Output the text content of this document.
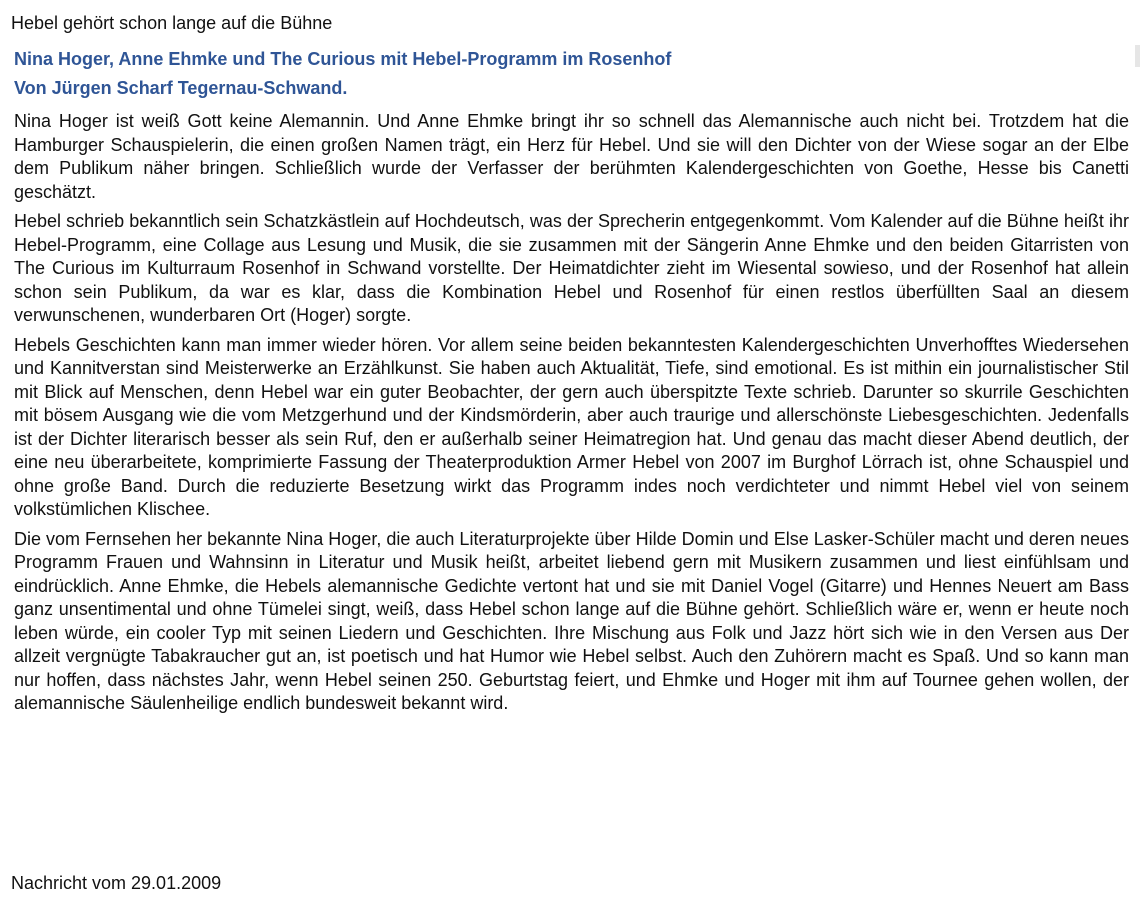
Hebel gehört schon lange auf die Bühne
Nina Hoger, Anne Ehmke und The Curious mit Hebel-Programm im Rosenhof
Von Jürgen Scharf Tegernau-Schwand.

Nina Hoger ist weiß Gott keine Alemannin. Und Anne Ehmke bringt ihr so schnell das Alemannische auch nicht bei. Trotzdem hat die Hamburger Schauspielerin, die einen großen Namen trägt, ein Herz für Hebel. Und sie will den Dichter von der Wiese sogar an der Elbe dem Publikum näher bringen. Schließlich wurde der Verfasser der berühmten Kalendergeschichten von Goethe, Hesse bis Canetti geschätzt.

Hebel schrieb bekanntlich sein Schatzkästlein auf Hochdeutsch, was der Sprecherin entgegenkommt. Vom Kalender auf die Bühne heißt ihr Hebel-Programm, eine Collage aus Lesung und Musik, die sie zusammen mit der Sängerin Anne Ehmke und den beiden Gitarristen von The Curious im Kulturraum Rosenhof in Schwand vorstellte. Der Heimatdichter zieht im Wiesental sowieso, und der Rosenhof hat allein schon sein Publikum, da war es klar, dass die Kombination Hebel und Rosenhof für einen restlos überfüllten Saal an diesem verwunschenen, wunderbaren Ort (Hoger) sorgte.

Hebels Geschichten kann man immer wieder hören. Vor allem seine beiden bekanntesten Kalendergeschichten Unverhofftes Wiedersehen und Kannitverstan sind Meisterwerke an Erzählkunst. Sie haben auch Aktualität, Tiefe, sind emotional. Es ist mithin ein journalistischer Stil mit Blick auf Menschen, denn Hebel war ein guter Beobachter, der gern auch überspitzte Texte schrieb. Darunter so skurrile Geschichten mit bösem Ausgang wie die vom Metzgerhund und der Kindsmörderin, aber auch traurige und allerschönste Liebesgeschichten. Jedenfalls ist der Dichter literarisch besser als sein Ruf, den er außerhalb seiner Heimatregion hat. Und genau das macht dieser Abend deutlich, der eine neu überarbeitete, komprimierte Fassung der Theaterproduktion Armer Hebel von 2007 im Burghof Lörrach ist, ohne Schauspiel und ohne große Band. Durch die reduzierte Besetzung wirkt das Programm indes noch verdichteter und nimmt Hebel viel von seinem volkstümlichen Klischee.

Die vom Fernsehen her bekannte Nina Hoger, die auch Literaturprojekte über Hilde Domin und Else Lasker-Schüler macht und deren neues Programm Frauen und Wahnsinn in Literatur und Musik heißt, arbeitet liebend gern mit Musikern zusammen und liest einfühlsam und eindrücklich. Anne Ehmke, die Hebels alemannische Gedichte vertont hat und sie mit Daniel Vogel (Gitarre) und Hennes Neuert am Bass ganz unsentimental und ohne Tümelei singt, weiß, dass Hebel schon lange auf die Bühne gehört. Schließlich wäre er, wenn er heute noch leben würde, ein cooler Typ mit seinen Liedern und Geschichten. Ihre Mischung aus Folk und Jazz hört sich wie in den Versen aus Der allzeit vergnügte Tabakraucher gut an, ist poetisch und hat Humor wie Hebel selbst. Auch den Zuhörern macht es Spaß. Und so kann man nur hoffen, dass nächstes Jahr, wenn Hebel seinen 250. Geburtstag feiert, und Ehmke und Hoger mit ihm auf Tournee gehen wollen, der alemannische Säulenheilige endlich bundesweit bekannt wird.

Nachricht vom 29.01.2009
